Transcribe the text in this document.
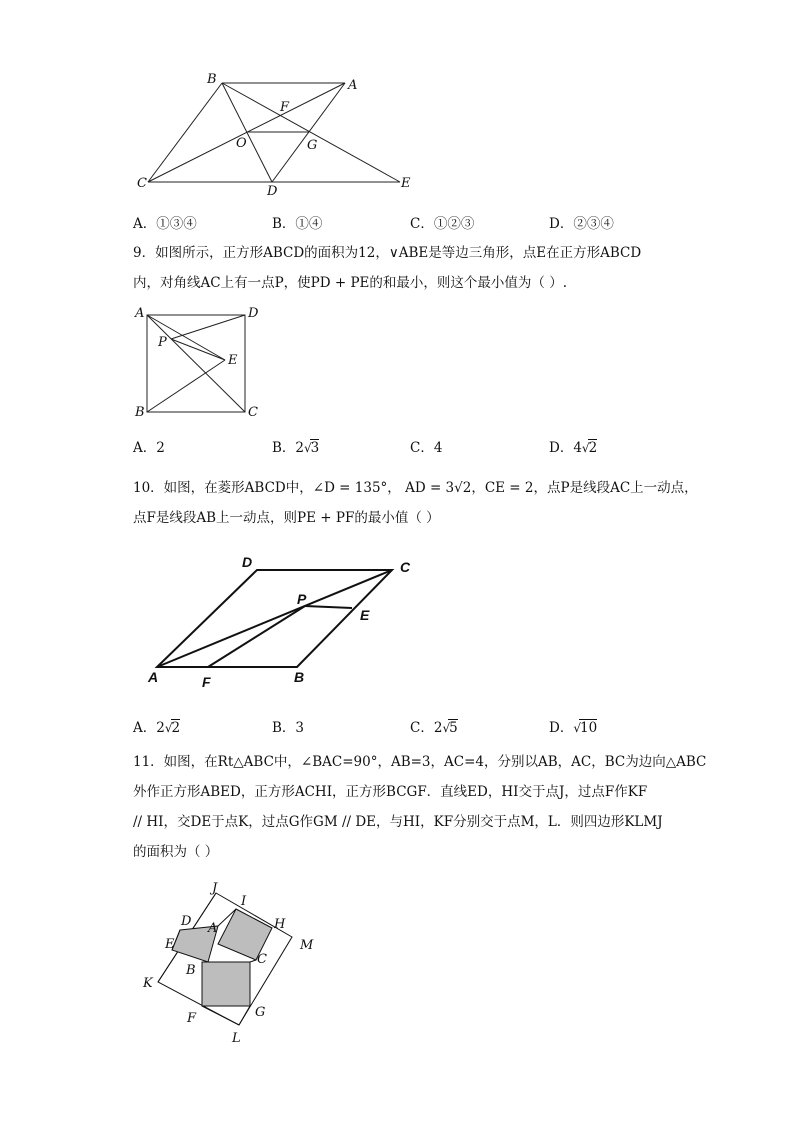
B	A
F
O	G
C
D
E
A．①③④	B．①④	C．①②③	D．②③④
9．如图所示，正方形ABCD的面积为12，∨ABE是等边三角形，点E在正方形ABCD
内，对角线AC上有一点P，使PD + PE的和最小，则这个最小值为（ ）.
A	D
P
E
B	C
A．2	B．2√3	C．4	D．4√2
10．如图，在菱形ABCD中，∠D = 135°， AD = 3√2，CE = 2，点P是线段AC上一动点，
点F是线段AB上一动点，则PE + PF的最小值（ ）
D	C
P
E
A	F	B
A．2√2	B．3	C．2√5	D．√10
11．如图，在Rt△ABC中，∠BAC=90°，AB=3，AC=4，分别以AB，AC，BC为边向△ABC
外作正方形ABED，正方形ACHI，正方形BCGF．直线ED，HI交于点J，过点F作KF
// HI，交DE于点K，过点G作GM // DE，与HI，KF分别交于点M，L．则四边形KLMJ
的面积为（ ）
J
I
D	H
A
E	M
B
C
K
F	G
L
